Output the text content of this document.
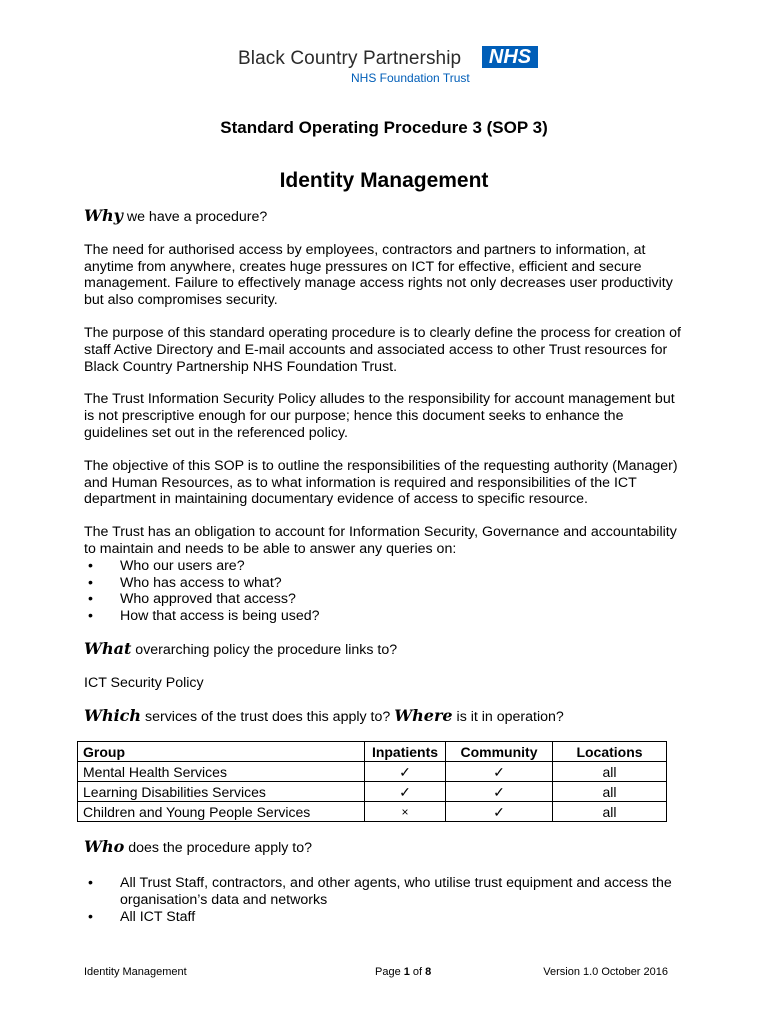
Black Country Partnership	NHS
NHS Foundation Trust
Standard Operating Procedure 3 (SOP 3)
Identity Management
Why we have a procedure?

The need for authorised access by employees, contractors and partners to information, at anytime from anywhere, creates huge pressures on ICT for effective, efficient and secure management. Failure to effectively manage access rights not only decreases user productivity but also compromises security.

The purpose of this standard operating procedure is to clearly define the process for creation of staff Active Directory and E-mail accounts and associated access to other Trust resources for Black Country Partnership NHS Foundation Trust.

The Trust Information Security Policy alludes to the responsibility for account management but is not prescriptive enough for our purpose; hence this document seeks to enhance the guidelines set out in the referenced policy.

The objective of this SOP is to outline the responsibilities of the requesting authority (Manager) and Human Resources, as to what information is required and responsibilities of the ICT department in maintaining documentary evidence of access to specific resource.

The Trust has an obligation to account for Information Security, Governance and accountability to maintain and needs to be able to answer any queries on:

• Who our users are?
• Who has access to what?
• Who approved that access?
• How that access is being used?
What overarching policy the procedure links to?

ICT Security Policy

Which services of the trust does this apply to? Where is it in operation?
Group	Inpatients	Community	Locations
Mental Health Services	✓	✓	all
Learning Disabilities Services	✓	✓	all
Children and Young People Services	×	✓	all
Who does the procedure apply to?
• All Trust Staff, contractors, and other agents, who utilise trust equipment and access the organisation’s data and networks
• All ICT Staff
Identity Management	Page 1 of 8	Version 1.0 October 2016
